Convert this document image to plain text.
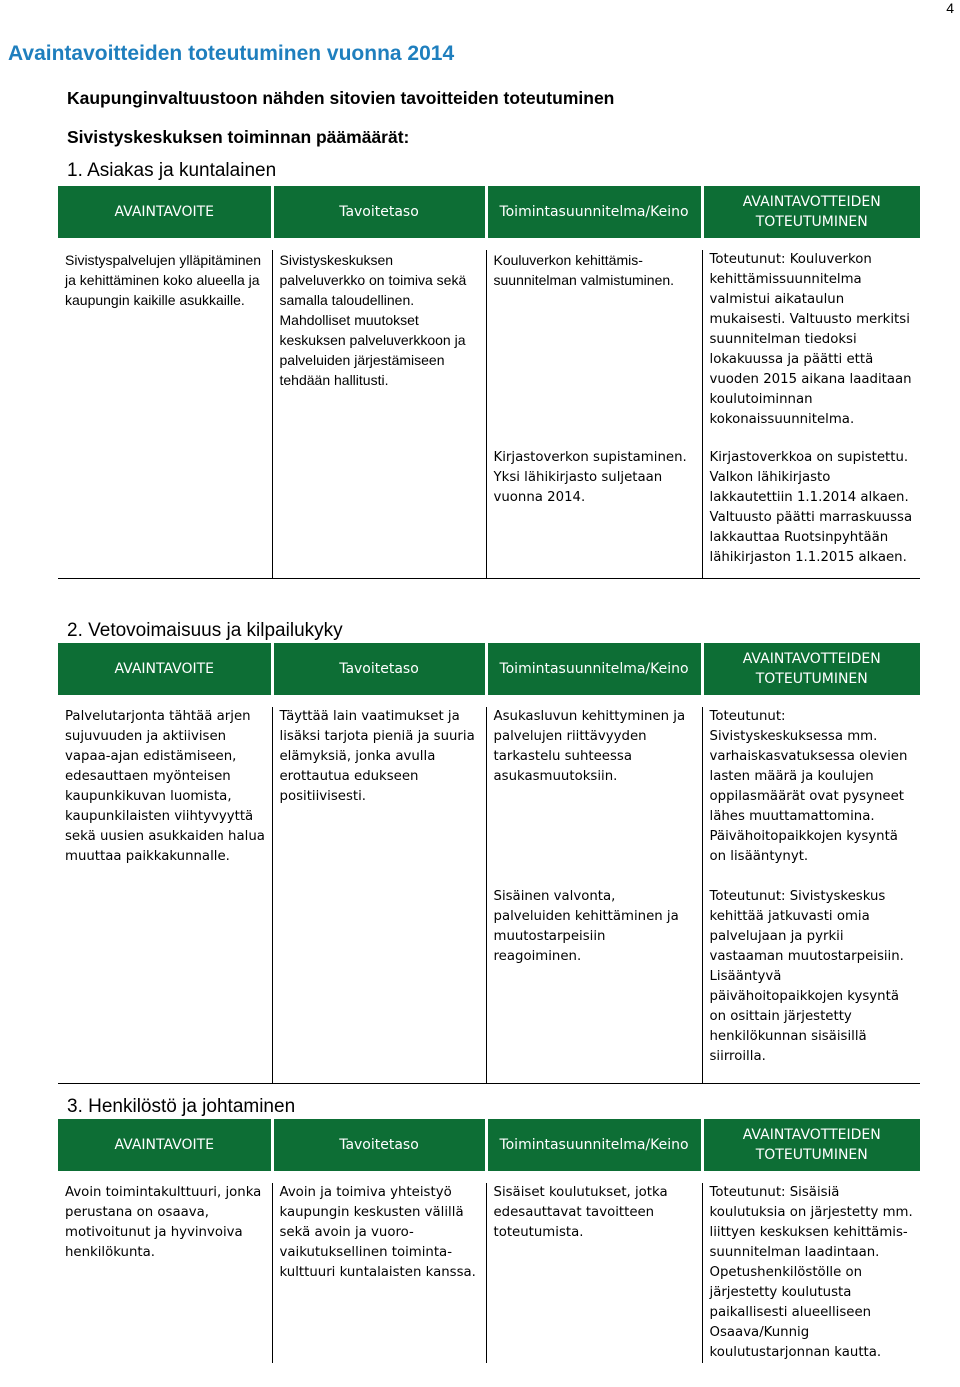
4
Avaintavoitteiden toteutuminen vuonna 2014
Kaupunginvaltuustoon nähden sitovien tavoitteiden toteutuminen
Sivistyskeskuksen toiminnan päämäärät:
1. Asiakas ja kuntalainen
AVAINTAVOITE	Tavoitetaso	Toimintasuunnitelma/Keino	AVAINTAVOTTEIDEN TOTEUTUMINEN

Sivistyspalvelujen ylläpitäminen ja kehittäminen koko alueella ja kaupungin kaikille asukkaille.	Sivistyskeskuksen palveluverkko on toimiva sekä samalla taloudellinen. Mahdolliset muutokset keskuksen palveluverkkoon ja palveluiden järjestämiseen tehdään hallitusti.	Kouluverkon kehittämis-suunnitelman valmistuminen.	Toteutunut: Kouluverkon kehittämissuunnitelma valmistui aikataulun mukaisesti. Valtuusto merkitsi suunnitelman tiedoksi lokakuussa ja päätti että vuoden 2015 aikana laaditaan koulutoiminnan kokonaissuunnitelma.

		Kirjastoverkon supistaminen. Yksi lähikirjasto suljetaan vuonna 2014.	Kirjastoverkkoa on supistettu. Valkon lähikirjasto lakkautettiin 1.1.2014 alkaen. Valtuusto päätti marraskuussa lakkauttaa Ruotsinpyhtään lähikirjaston 1.1.2015 alkaen.
2. Vetovoimaisuus ja kilpailukyky
AVAINTAVOITE	Tavoitetaso	Toimintasuunnitelma/Keino	AVAINTAVOTTEIDEN TOTEUTUMINEN

Palvelutarjonta tähtää arjen sujuvuuden ja aktiivisen vapaa-ajan edistämiseen, edesauttaen myönteisen kaupunkikuvan luomista, kaupunkilaisten viihtyvyyttä sekä uusien asukkaiden halua muuttaa paikkakunnalle.	Täyttää lain vaatimukset ja lisäksi tarjota pieniä ja suuria elämyksiä, jonka avulla erottautua edukseen positiivisesti.	Asukasluvun kehittyminen ja palvelujen riittävyyden tarkastelu suhteessa asukasmuutoksiin.	Toteutunut: Sivistyskeskuksessa mm. varhaiskasvatuksessa olevien lasten määrä ja koulujen oppilasmäärät ovat pysyneet lähes muuttamattomina. Päivähoitopaikkojen kysyntä on lisääntynyt.

		Sisäinen valvonta, palveluiden kehittäminen ja muutostarpeisiin reagoiminen.	Toteutunut: Sivistyskeskus kehittää jatkuvasti omia palvelujaan ja pyrkii vastaaman muutostarpeisiin. Lisääntyvä päivähoitopaikkojen kysyntä on osittain järjestetty henkilökunnan sisäisillä siirroilla.
3. Henkilöstö ja johtaminen
AVAINTAVOITE	Tavoitetaso	Toimintasuunnitelma/Keino	AVAINTAVOTTEIDEN TOTEUTUMINEN

Avoin toimintakulttuuri, jonka perustana on osaava, motivoitunut ja hyvinvoiva henkilökunta.	Avoin ja toimiva yhteistyö kaupungin keskusten välillä sekä avoin ja vuoro-vaikutuksellinen toiminta-kulttuuri kuntalaisten kanssa.	Sisäiset koulutukset, jotka edesauttavat tavoitteen toteutumista.	Toteutunut: Sisäisiä koulutuksia on järjestetty mm. liittyen keskuksen kehittämis-suunnitelman laadintaan. Opetushenkilöstölle on järjestetty koulutusta paikallisesti alueelliseen Osaava/Kunnig koulutustarjonnan kautta.
